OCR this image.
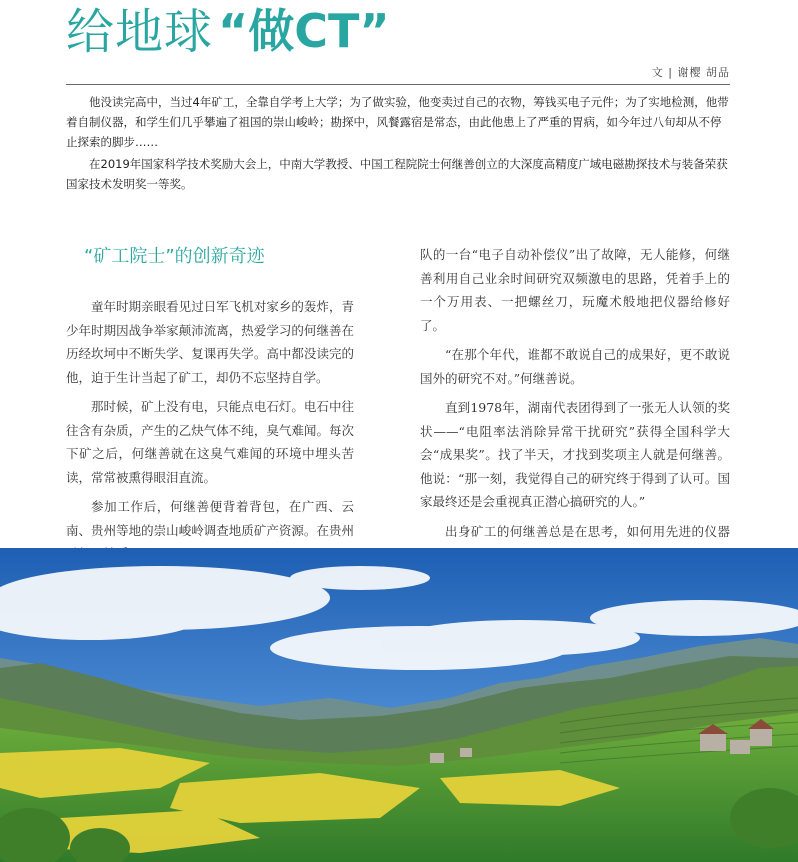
给地球 “做CT”
文 | 谢樱 胡品

他没读完高中，当过4年矿工，全靠自学考上大学；为了做实验，他变卖过自己的衣物，筹钱买电子元件；为了实地检测，他带着自制仪器，和学生们几乎攀遍了祖国的崇山峻岭；勘探中，风餐露宿是常态，由此他患上了严重的胃病，如今年过八旬却从不停止探索的脚步……

在2019年国家科学技术奖励大会上，中南大学教授、中国工程院院士何继善创立的大深度高精度广域电磁勘探技术与装备荣获国家技术发明奖一等奖。

“矿工院士”的创新奇迹

童年时期亲眼看见过日军飞机对家乡的轰炸，青少年时期因战争举家颠沛流离，热爱学习的何继善在历经坎坷中不断失学、复课再失学。高中都没读完的他，迫于生计当起了矿工，却仍不忘坚持自学。

那时候，矿上没有电，只能点电石灯。电石中往往含有杂质，产生的乙炔气体不纯，臭气难闻。每次下矿之后，何继善就在这臭气难闻的环境中埋头苦读，常常被熏得眼泪直流。

参加工作后，何继善便背着背包，在广西、云南、贵州等地的崇山峻岭调查地质矿产资源。在贵州

队的一台“电子自动补偿仪”出了故障，无人能修，何继善利用自己业余时间研究双频激电的思路，凭着手上的一个万用表、一把螺丝刀，玩魔术般地把仪器给修好了。

“在那个年代，谁都不敢说自己的成果好，更不敢说国外的研究不对。”何继善说。

直到1978年，湖南代表团得到了一张无人认领的奖状——“电阻率法消除异常干扰研究”获得全国科学大会“成果奖”。找了半天，才找到奖项主人就是何继善。他说：“那一刻，我觉得自己的研究终于得到了认可。国家最终还是会重视真正潜心搞研究的人。”

出身矿工的何继善总是在思考，如何用先进的仪器
